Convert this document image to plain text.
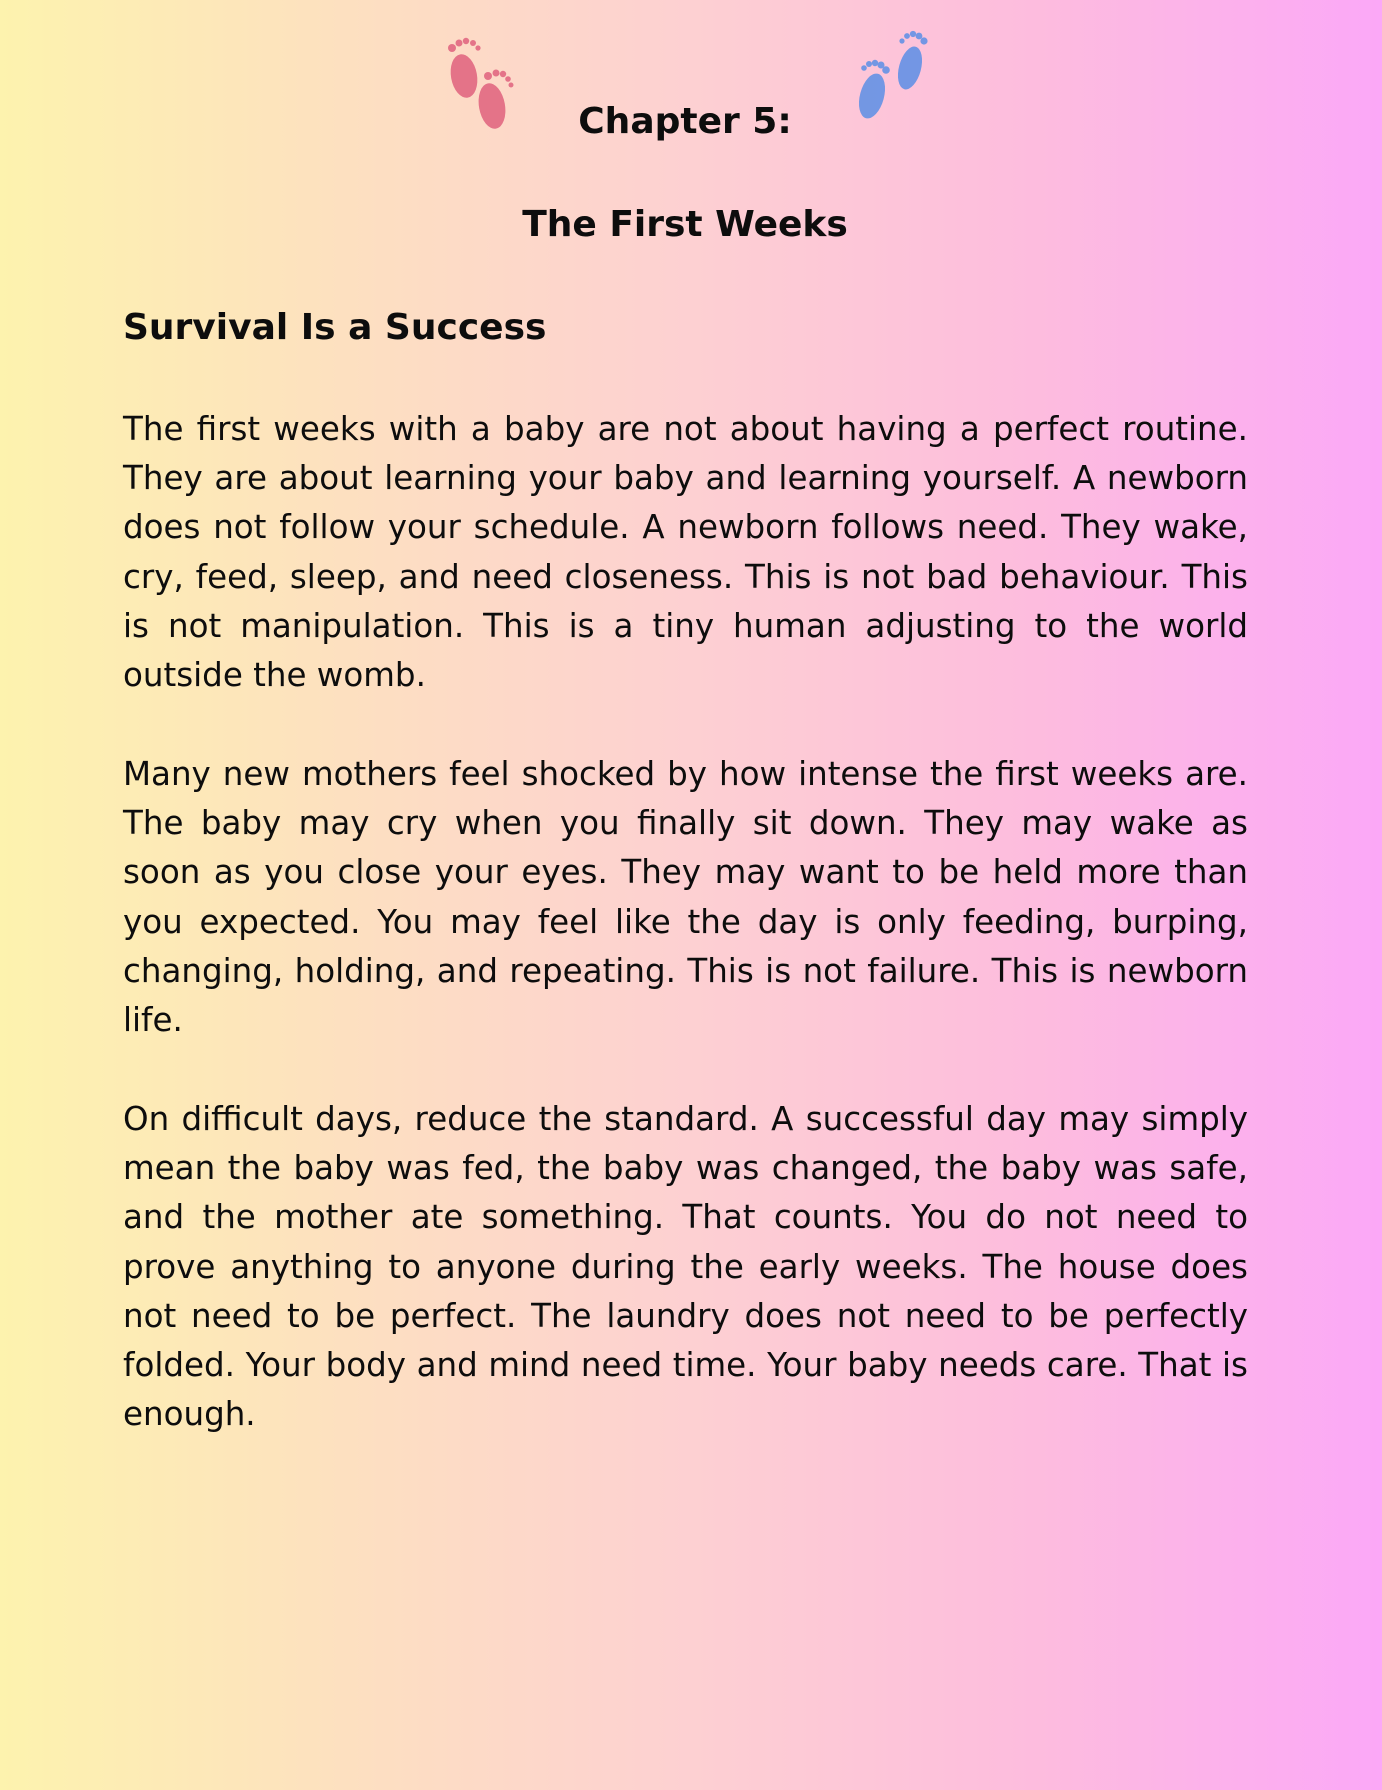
Chapter 5:
The First Weeks
Survival Is a Success

The first weeks with a baby are not about having a perfect routine. They are about learning your baby and learning yourself. A newborn does not follow your schedule. A newborn follows need. They wake, cry, feed, sleep, and need closeness. This is not bad behaviour. This is not manipulation. This is a tiny human adjusting to the world outside the womb.

Many new mothers feel shocked by how intense the first weeks are. The baby may cry when you finally sit down. They may wake as soon as you close your eyes. They may want to be held more than you expected. You may feel like the day is only feeding, burping, changing, holding, and repeating. This is not failure. This is newborn life.

On difficult days, reduce the standard. A successful day may simply mean the baby was fed, the baby was changed, the baby was safe, and the mother ate something. That counts. You do not need to prove anything to anyone during the early weeks. The house does not need to be perfect. The laundry does not need to be perfectly folded. Your body and mind need time. Your baby needs care. That is enough.
